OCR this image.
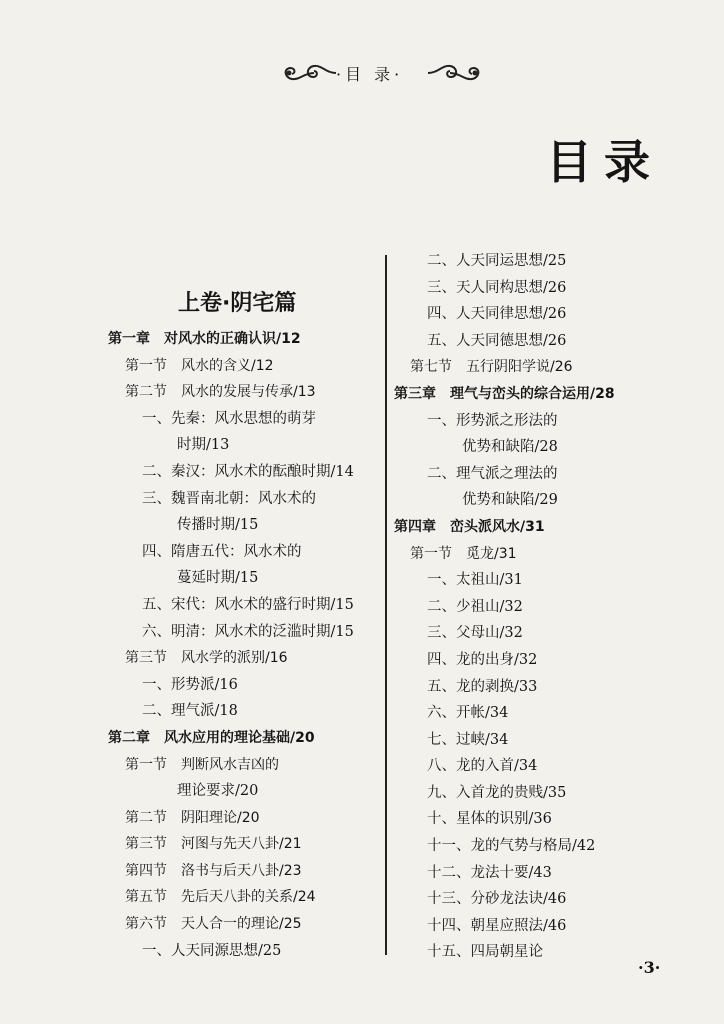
·目 录·
目录
上卷·阴宅篇
第一章　对风水的正确认识/12
第一节　风水的含义/12
第二节　风水的发展与传承/13
一、先秦：风水思想的萌芽
时期/13
二、秦汉：风水术的酝酿时期/14
三、魏晋南北朝：风水术的
传播时期/15
四、隋唐五代：风水术的
蔓延时期/15
五、宋代：风水术的盛行时期/15
六、明清：风水术的泛滥时期/15
第三节　风水学的派别/16
一、形势派/16
二、理气派/18
第二章　风水应用的理论基础/20
第一节　判断风水吉凶的
理论要求/20
第二节　阴阳理论/20
第三节　河图与先天八卦/21
第四节　洛书与后天八卦/23
第五节　先后天八卦的关系/24
第六节　天人合一的理论/25
一、人天同源思想/25
二、人天同运思想/25
三、天人同构思想/26
四、人天同律思想/26
五、人天同德思想/26
第七节　五行阴阳学说/26
第三章　理气与峦头的综合运用/28
一、形势派之形法的
优势和缺陷/28
二、理气派之理法的
优势和缺陷/29
第四章　峦头派风水/31
第一节　觅龙/31
一、太祖山/31
二、少祖山/32
三、父母山/32
四、龙的出身/32
五、龙的剥换/33
六、开帐/34
七、过峡/34
八、龙的入首/34
九、入首龙的贵贱/35
十、星体的识别/36
十一、龙的气势与格局/42
十二、龙法十要/43
十三、分砂龙法诀/46
十四、朝星应照法/46
十五、四局朝星论
·3·
